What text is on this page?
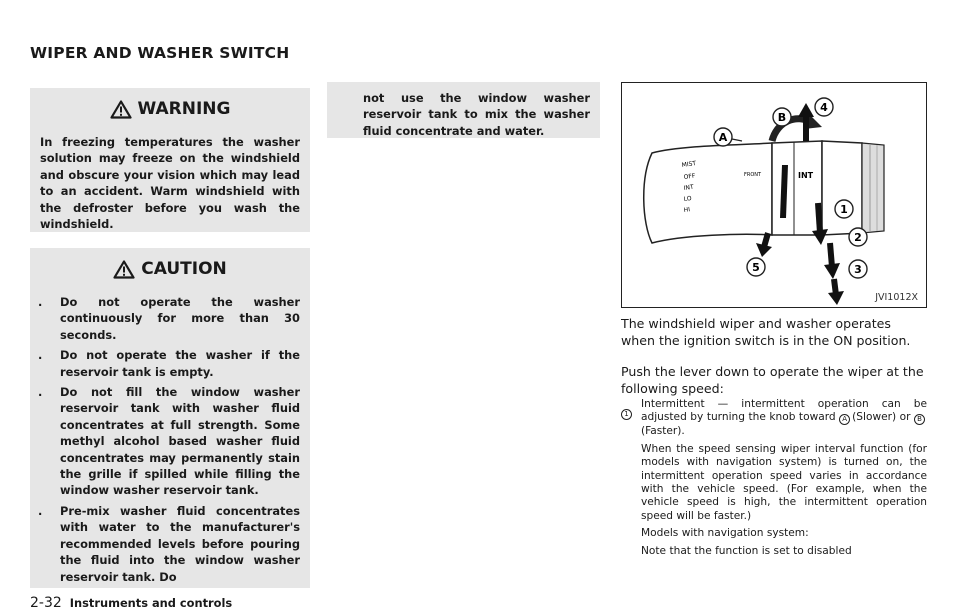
WIPER AND WASHER SWITCH
WARNING
In freezing temperatures the washer solution may freeze on the windshield and obscure your vision which may lead to an accident. Warm windshield with the defroster before you wash the windshield.
CAUTION
.	Do not operate the washer continuously for more than 30 seconds.
.	Do not operate the washer if the reservoir tank is empty.
.	Do not fill the window washer reservoir tank with washer fluid concentrates at full strength. Some methyl alcohol based washer fluid concentrates may permanently stain the grille if spilled while filling the window washer reservoir tank.
.	Pre-mix washer fluid concentrates with water to the manufacturer's recommended levels before pouring the fluid into the window washer reservoir tank. Do
not use the window washer reservoir tank to mix the washer fluid concentrate and water.
MIST
OFF
INT
LO
HI
FRONT	INT
A
B
4
1
2
3
5
JVI1012X
The windshield wiper and washer operates when the ignition switch is in the ON position.
Push the lever down to operate the wiper at the following speed:
1

Intermittent — intermittent operation can be adjusted by turning the knob toward A (Slower) or B(Faster).

When the speed sensing wiper interval function (for models with navigation system) is turned on, the intermittent operation speed varies in accordance with the vehicle speed. (For example, when the vehicle speed is high, the intermittent operation speed will be faster.)

Models with navigation system:

Note that the function is set to disabled

2-32 Instruments and controls
